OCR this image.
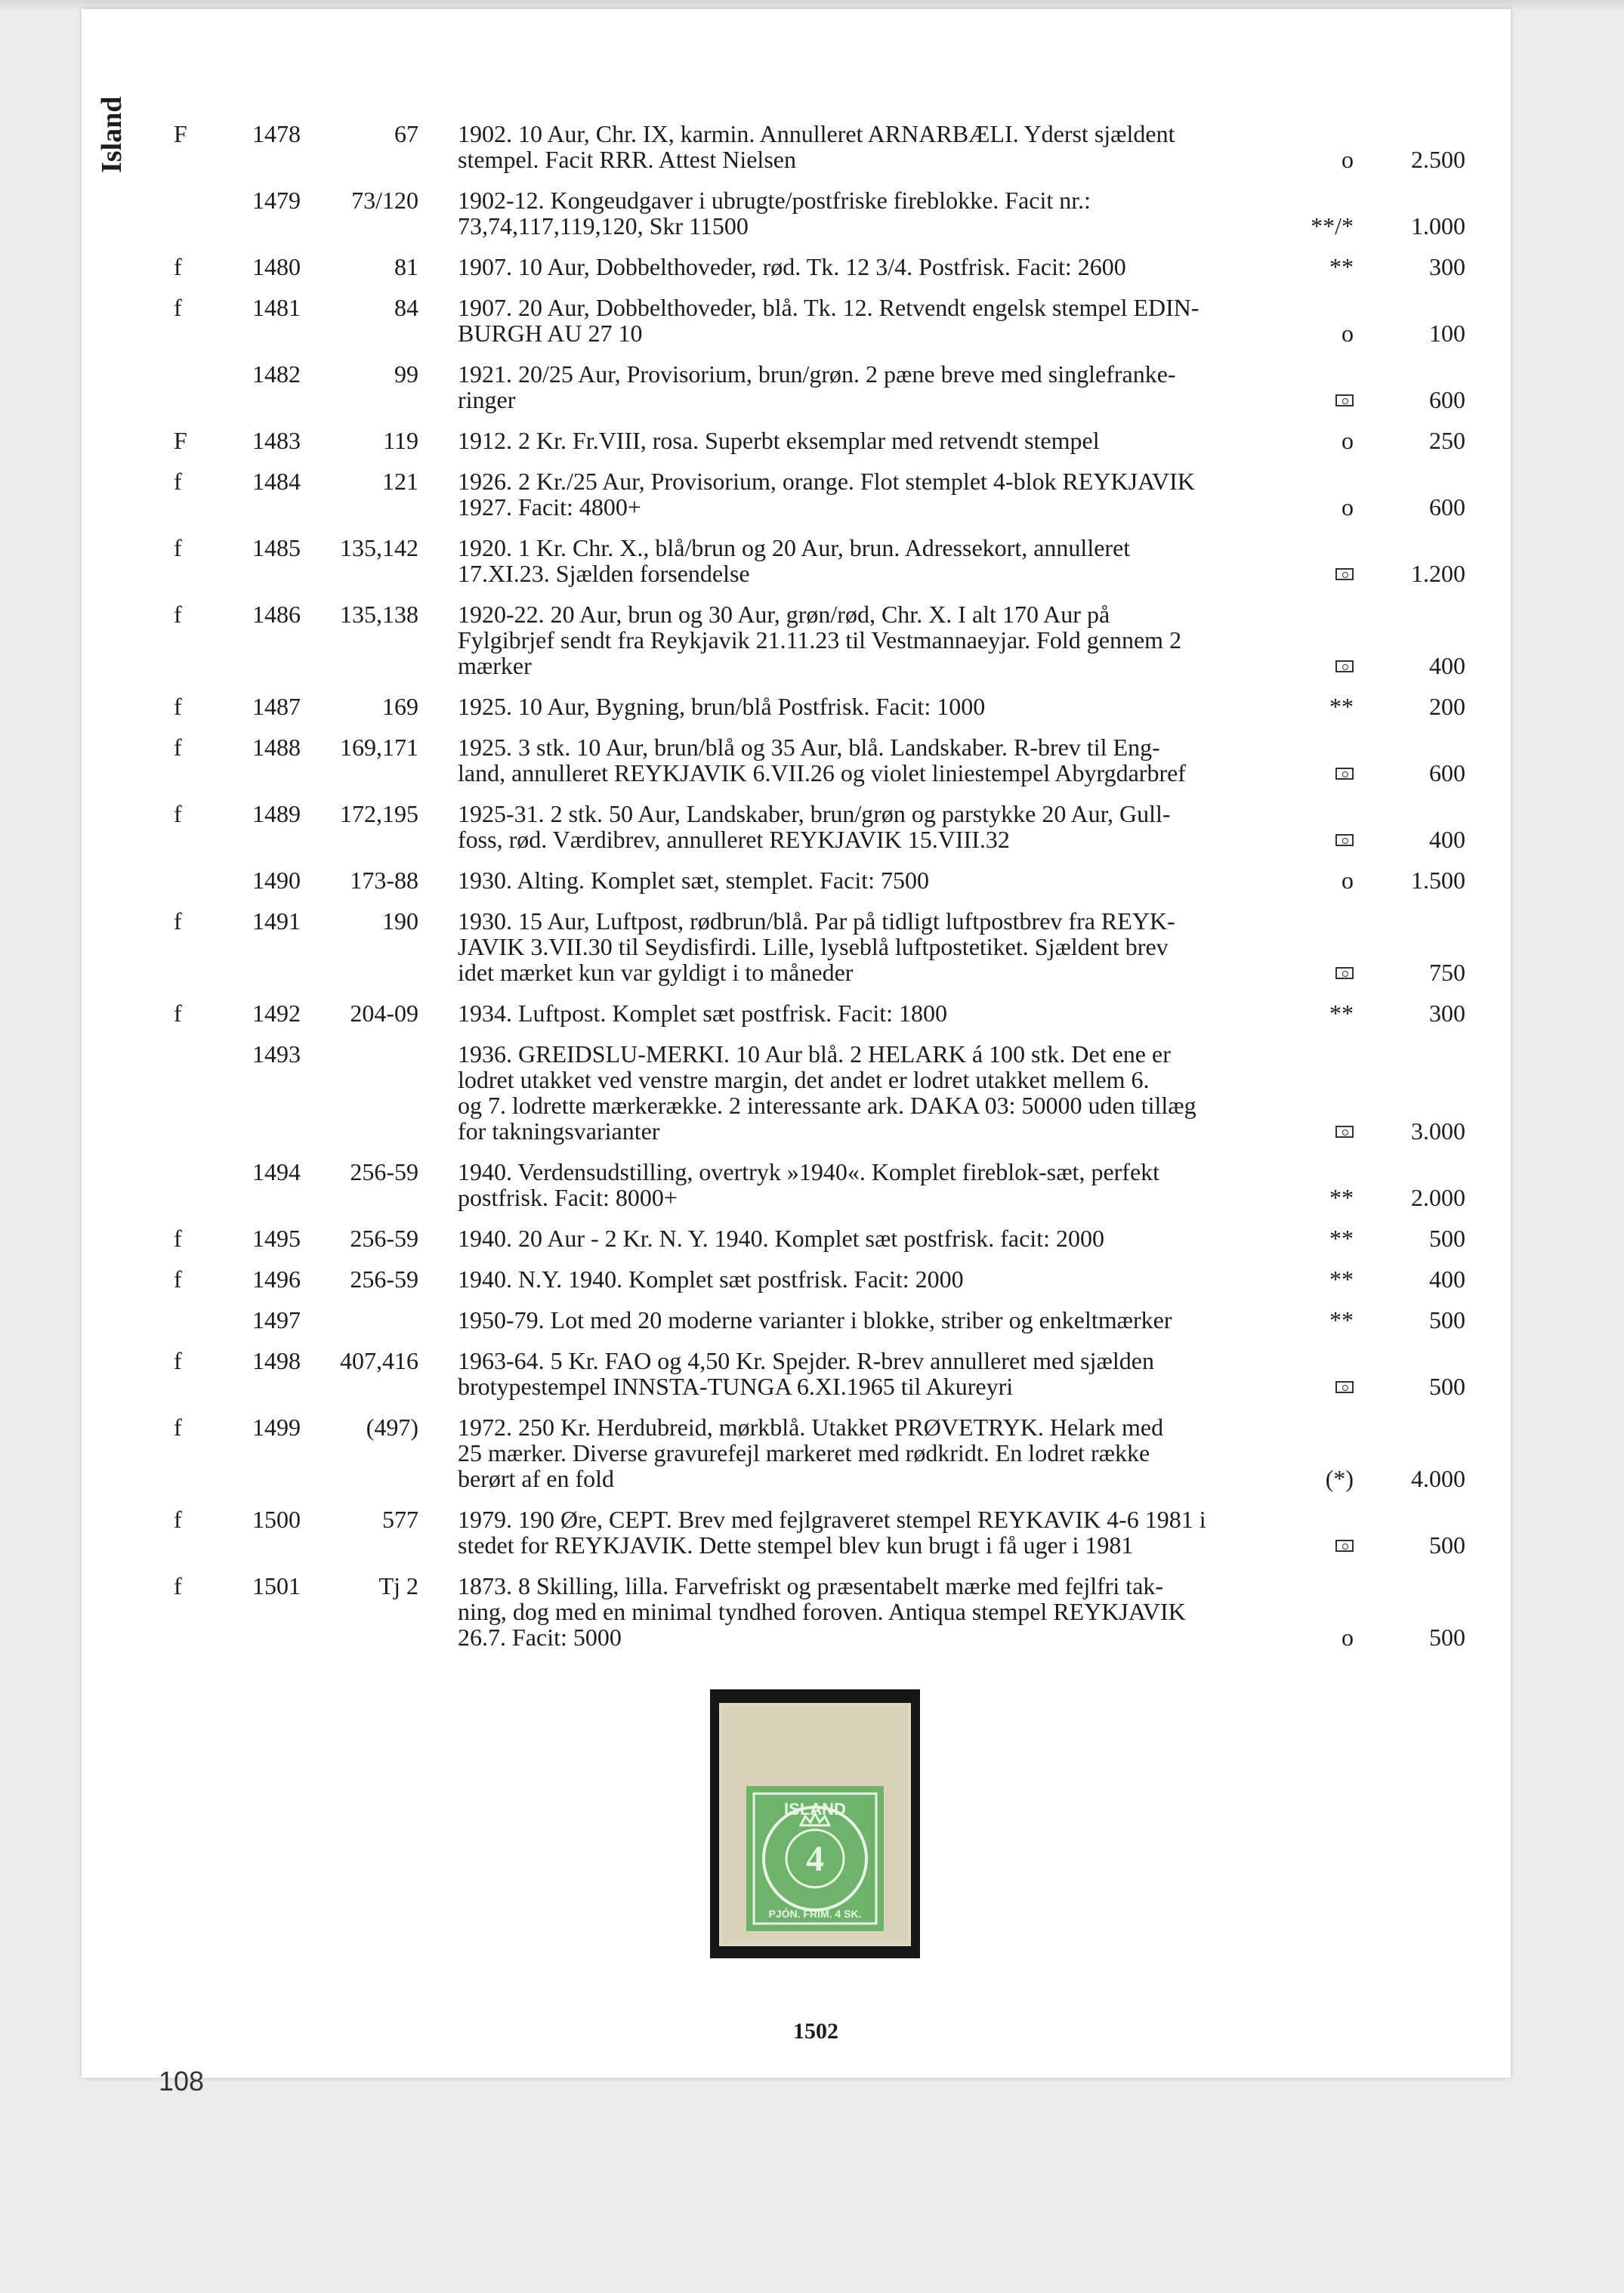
Island F	1478	67	1902. 10 Aur, Chr. IX, karmin. Annulleret ARNARBÆLI. Yderst sjældent
stempel. Facit RRR. Attest Nielsen	o	2.500
	1479	73/120	1902-12. Kongeudgaver i ubrugte/postfriske fireblokke. Facit nr.:
73,74,117,119,120, Skr 11500	**/*	1.000
f	1480	81	1907. 10 Aur, Dobbelthoveder, rød. Tk. 12 3/4. Postfrisk. Facit: 2600	**	300
f	1481	84	1907. 20 Aur, Dobbelthoveder, blå. Tk. 12. Retvendt engelsk stempel EDIN-
BURGH AU 27 10	o	100
	1482	99	1921. 20/25 Aur, Provisorium, brun/grøn. 2 pæne breve med singlefranke-
ringer		600
F	1483	119	1912. 2 Kr. Fr.VIII, rosa. Superbt eksemplar med retvendt stempel	o	250
f	1484	121	1926. 2 Kr./25 Aur, Provisorium, orange. Flot stemplet 4-blok REYKJAVIK
1927. Facit: 4800+	o	600
f	1485	135,142	1920. 1 Kr. Chr. X., blå/brun og 20 Aur, brun. Adressekort, annulleret
17.XI.23. Sjælden forsendelse		1.200
f	1486	135,138	1920-22. 20 Aur, brun og 30 Aur, grøn/rød, Chr. X. I alt 170 Aur på
Fylgibrjef sendt fra Reykjavik 21.11.23 til Vestmannaeyjar. Fold gennem 2
mærker		400
f	1487	169	1925. 10 Aur, Bygning, brun/blå Postfrisk. Facit: 1000	**	200
f	1488	169,171	1925. 3 stk. 10 Aur, brun/blå og 35 Aur, blå. Landskaber. R-brev til Eng-
land, annulleret REYKJAVIK 6.VII.26 og violet liniestempel Abyrgdarbref		600
f	1489	172,195	1925-31. 2 stk. 50 Aur, Landskaber, brun/grøn og parstykke 20 Aur, Gull-
foss, rød. Værdibrev, annulleret REYKJAVIK 15.VIII.32		400
	1490	173-88	1930. Alting. Komplet sæt, stemplet. Facit: 7500	o	1.500
f	1491	190	1930. 15 Aur, Luftpost, rødbrun/blå. Par på tidligt luftpostbrev fra REYK-
JAVIK 3.VII.30 til Seydisfirdi. Lille, lyseblå luftpostetiket. Sjældent brev
idet mærket kun var gyldigt i to måneder		750
f	1492	204-09	1934. Luftpost. Komplet sæt postfrisk. Facit: 1800	**	300
	1493		1936. GREIDSLU-MERKI. 10 Aur blå. 2 HELARK á 100 stk. Det ene er
lodret utakket ved venstre margin, det andet er lodret utakket mellem 6.
og 7. lodrette mærkerække. 2 interessante ark. DAKA 03: 50000 uden tillæg
for takningsvarianter		3.000
	1494	256-59	1940. Verdensudstilling, overtryk »1940«. Komplet fireblok-sæt, perfekt
postfrisk. Facit: 8000+	**	2.000
f	1495	256-59	1940. 20 Aur - 2 Kr. N. Y. 1940. Komplet sæt postfrisk. facit: 2000	**	500
f	1496	256-59	1940. N.Y. 1940. Komplet sæt postfrisk. Facit: 2000	**	400
	1497		1950-79. Lot med 20 moderne varianter i blokke, striber og enkeltmærker	**	500
f	1498	407,416	1963-64. 5 Kr. FAO og 4,50 Kr. Spejder. R-brev annulleret med sjælden
brotypestempel INNSTA-TUNGA 6.XI.1965 til Akureyri		500
f	1499	(497)	1972. 250 Kr. Herdubreid, mørkblå. Utakket PRØVETRYK. Helark med
25 mærker. Diverse gravurefejl markeret med rødkridt. En lodret række
berørt af en fold	(*)	4.000
f	1500	577	1979. 190 Øre, CEPT. Brev med fejlgraveret stempel REYKAVIK 4-6 1981 i
stedet for REYKJAVIK. Dette stempel blev kun brugt i få uger i 1981		500
f	1501	Tj 2	1873. 8 Skilling, lilla. Farvefriskt og præsentabelt mærke med fejlfri tak-
ning, dog med en minimal tyndhed foroven. Antiqua stempel REYKJAVIK
26.7. Facit: 5000	o	500
ISLAND
4
PJÓN. FRIM. 4 SK.
1502
108
